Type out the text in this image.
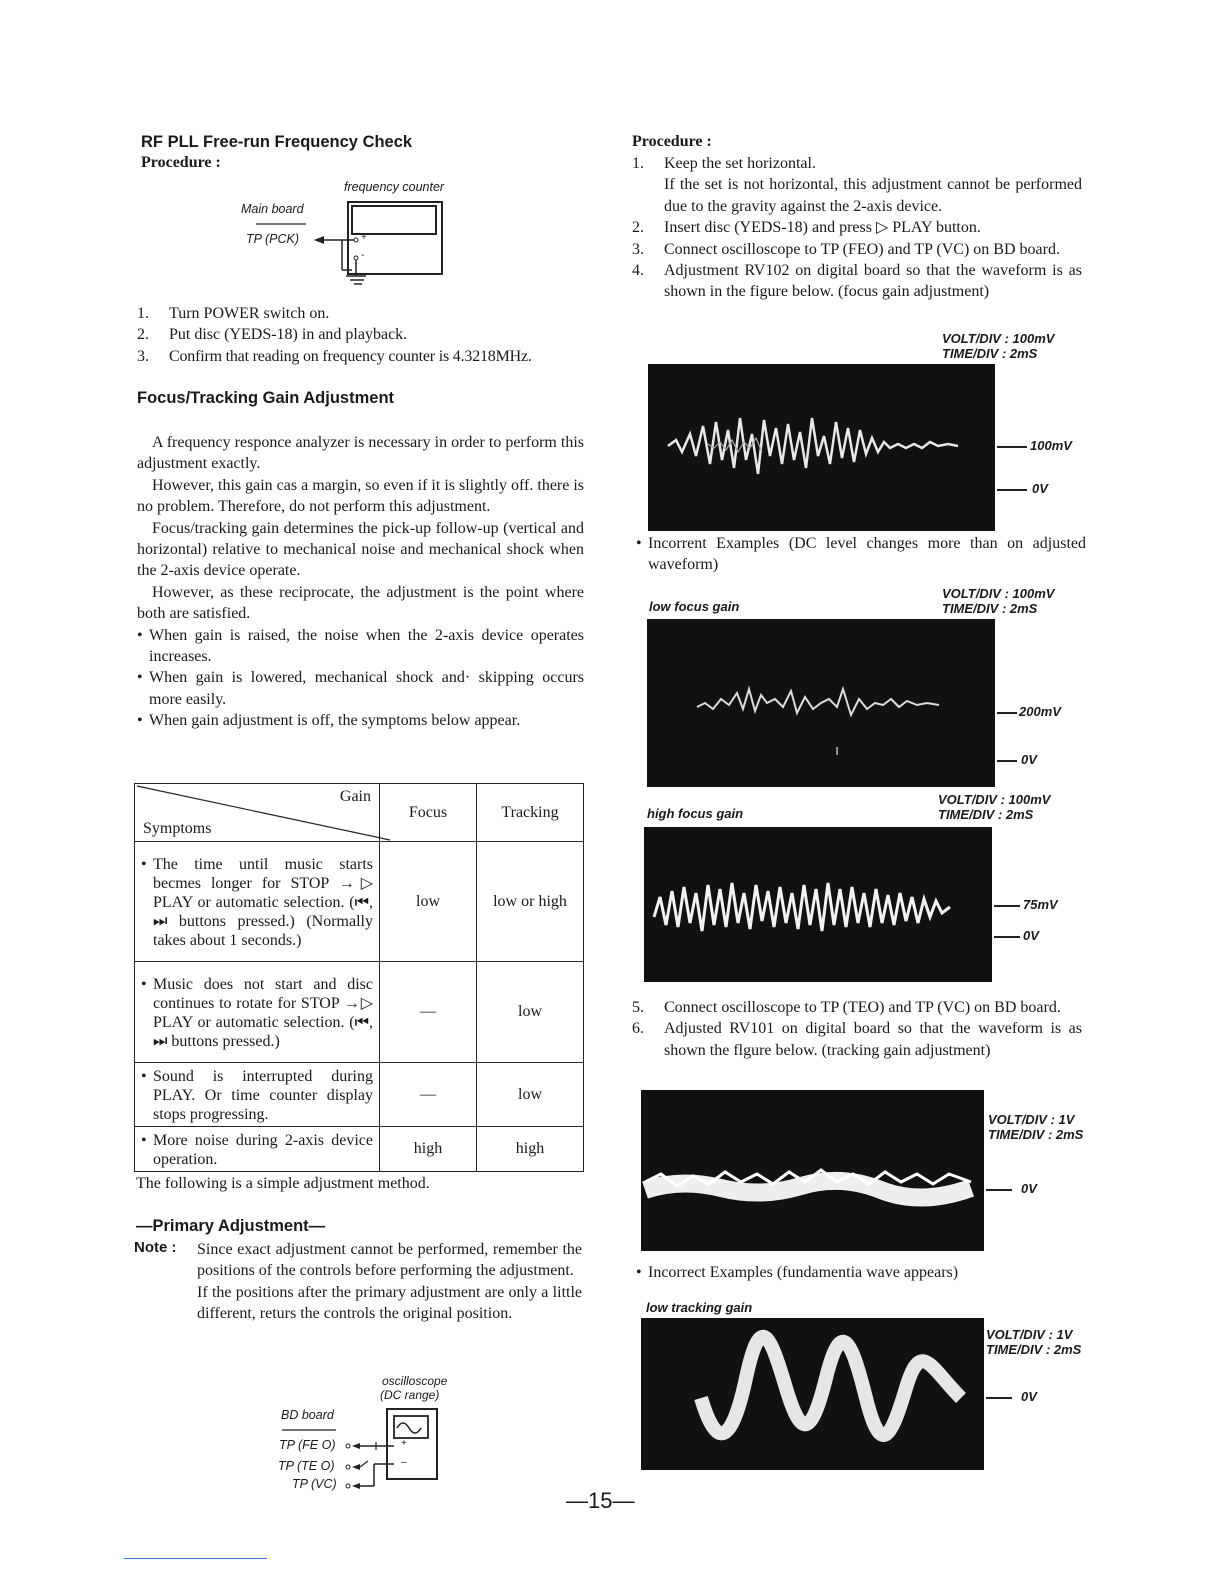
RF PLL Free-run Frequency Check
Procedure :
frequency counter
Main board
TP (PCK)	+
-
1.	Turn POWER switch on.
2.	Put disc (YEDS-18) in and playback.
3.	Confirm that reading on frequency counter is 4.3218MHz.
Focus/Tracking Gain Adjustment
A frequency responce analyzer is necessary in order to perform this adjustment exactly.
However, this gain cas a margin, so even if it is slightly off. there is no problem. Therefore, do not perform this adjustment.
Focus/tracking gain determines the pick-up follow-up (vertical and horizontal) relative to mechanical noise and mechanical shock when the 2-axis device operate.
However, as these reciprocate, the adjustment is the point where both are satisfied.
• When gain is raised, the noise when the 2-axis device operates increases.
• When gain is lowered, mechanical shock and· skipping occurs more easily.
• When gain adjustment is off, the symptoms below appear.
Gain
Symptoms	Focus	Tracking

• The time until music starts becmes longer for STOP →▷ PLAY or automatic selection. (⏮, ⏭ buttons pressed.) (Normally takes about 1 seconds.)	low	low or high

• Music does not start and disc continues to rotate for STOP →▷ PLAY or automatic selection. (⏮, ⏭ buttons pressed.)	—	low

• Sound is interrupted during PLAY. Or time counter display stops progressing.	—	low

• More noise during 2-axis device operation.	high	high
The following is a simple adjustment method.
—Primary Adjustment—
Note : Since exact adjustment cannot be performed, remember the positions of the controls before performing the adjustment.
If the positions after the primary adjustment are only a little different, returs the controls the original position.
oscilloscope
(DC range)
BD board
TP (FE O)
TP (TE O)
TP (VC)
+
–
Procedure :
1.	Keep the set horizontal.
If the set is not horizontal, this adjustment cannot be performed due to the gravity against the 2-axis device.
2.	Insert disc (YEDS-18) and press ▷ PLAY button.
3.	Connect oscilloscope to TP (FEO) and TP (VC) on BD board.
4.	Adjustment RV102 on digital board so that the waveform is as shown in the figure below. (focus gain adjustment)
VOLT/DIV : 100mV
TIME/DIV : 2mS
100mV
0V
• Incorrent Examples (DC level changes more than on adjusted waveform)
VOLT/DIV : 100mV
low focus gain	TIME/DIV : 2mS
200mV
0V
VOLT/DIV : 100mV
high focus gain	TIME/DIV : 2mS
75mV
0V
5.	Connect oscilloscope to TP (TEO) and TP (VC) on BD board.
6.	Adjusted RV101 on digital board so that the waveform is as shown the flgure below. (tracking gain adjustment)
VOLT/DIV : 1V
TIME/DIV : 2mS
0V
• Incorrect Examples (fundamentia wave appears)
low tracking gain
VOLT/DIV : 1V
TIME/DIV : 2mS
0V
—15—
